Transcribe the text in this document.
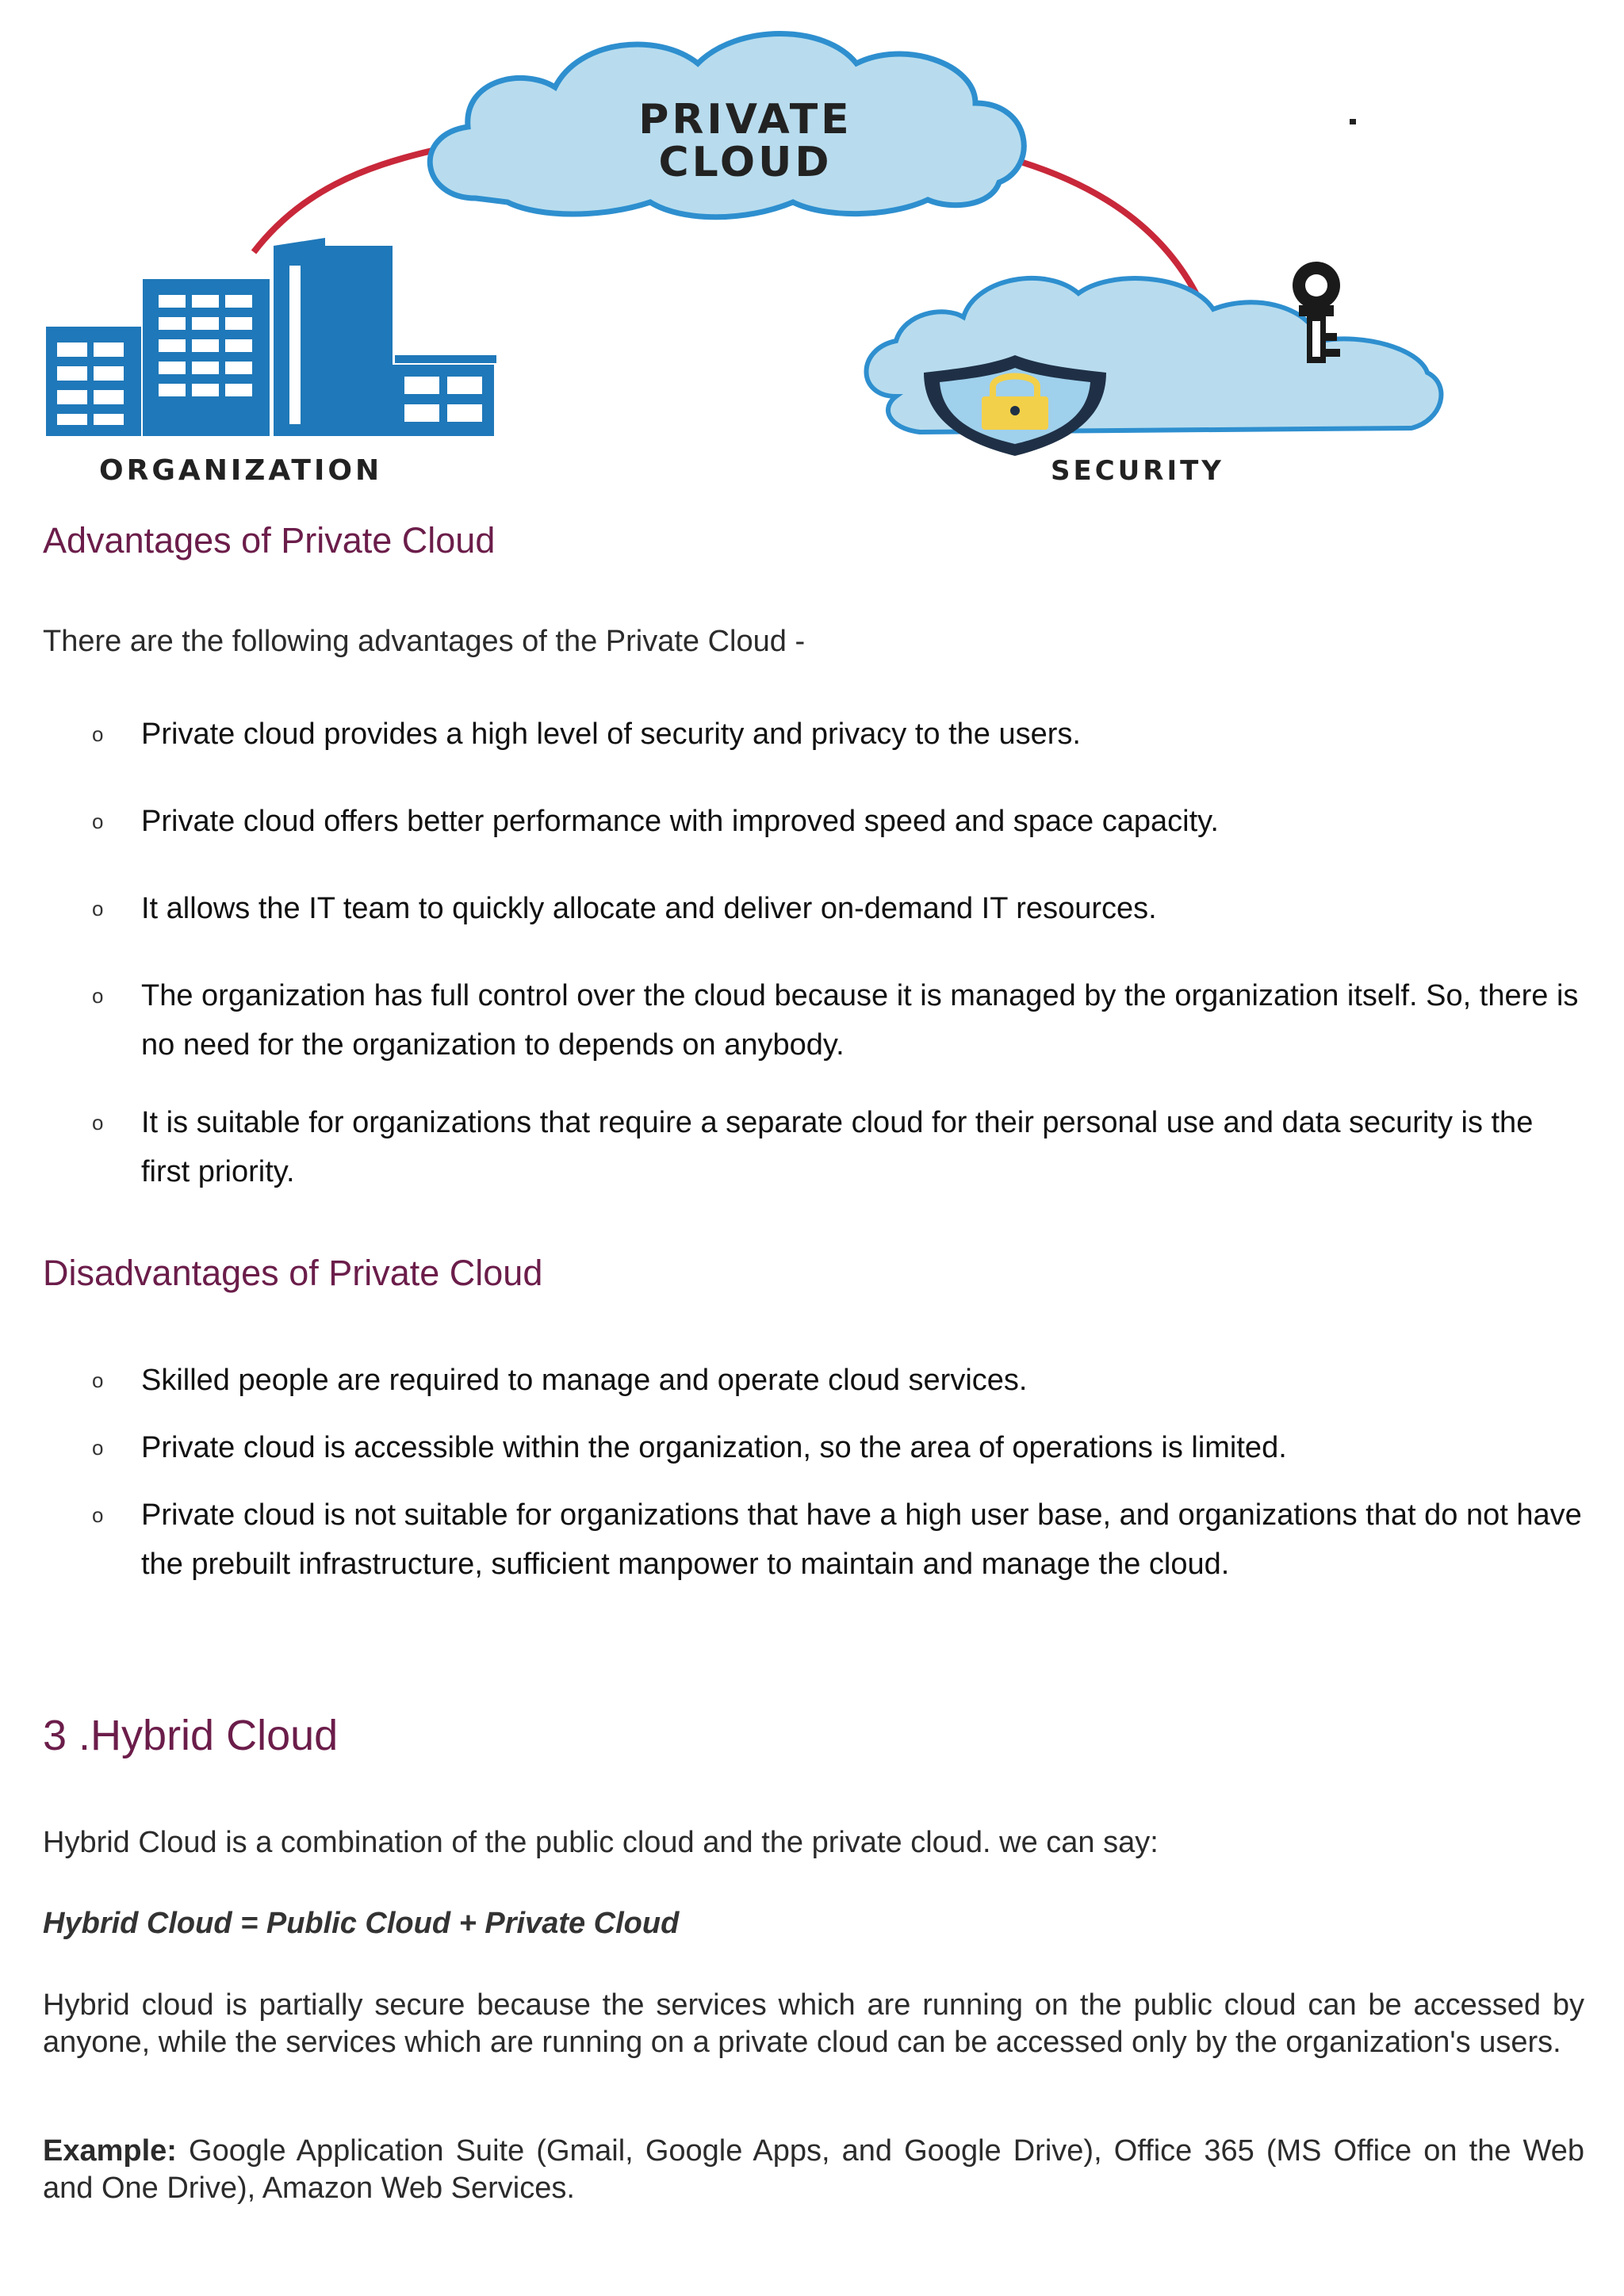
PRIVATE
CLOUD
ORGANIZATION	SECURITY
Advantages of Private Cloud

There are the following advantages of the Private Cloud -

o Private cloud provides a high level of security and privacy to the users.
o Private cloud offers better performance with improved speed and space capacity.
o It allows the IT team to quickly allocate and deliver on-demand IT resources.
o The organization has full control over the cloud because it is managed by the organization itself. So, there is no need for the organization to depends on anybody.
o It is suitable for organizations that require a separate cloud for their personal use and data security is the first priority.
Disadvantages of Private Cloud
o Skilled people are required to manage and operate cloud services.
o Private cloud is accessible within the organization, so the area of operations is limited.
o Private cloud is not suitable for organizations that have a high user base, and organizations that do not have the prebuilt infrastructure, sufficient manpower to maintain and manage the cloud.
3 .Hybrid Cloud

Hybrid Cloud is a combination of the public cloud and the private cloud. we can say:

Hybrid Cloud = Public Cloud + Private Cloud

Hybrid cloud is partially secure because the services which are running on the public cloud can be accessed by anyone, while the services which are running on a private cloud can be accessed only by the organization's users.

Example: Google Application Suite (Gmail, Google Apps, and Google Drive), Office 365 (MS Office on the Web and One Drive), Amazon Web Services.
